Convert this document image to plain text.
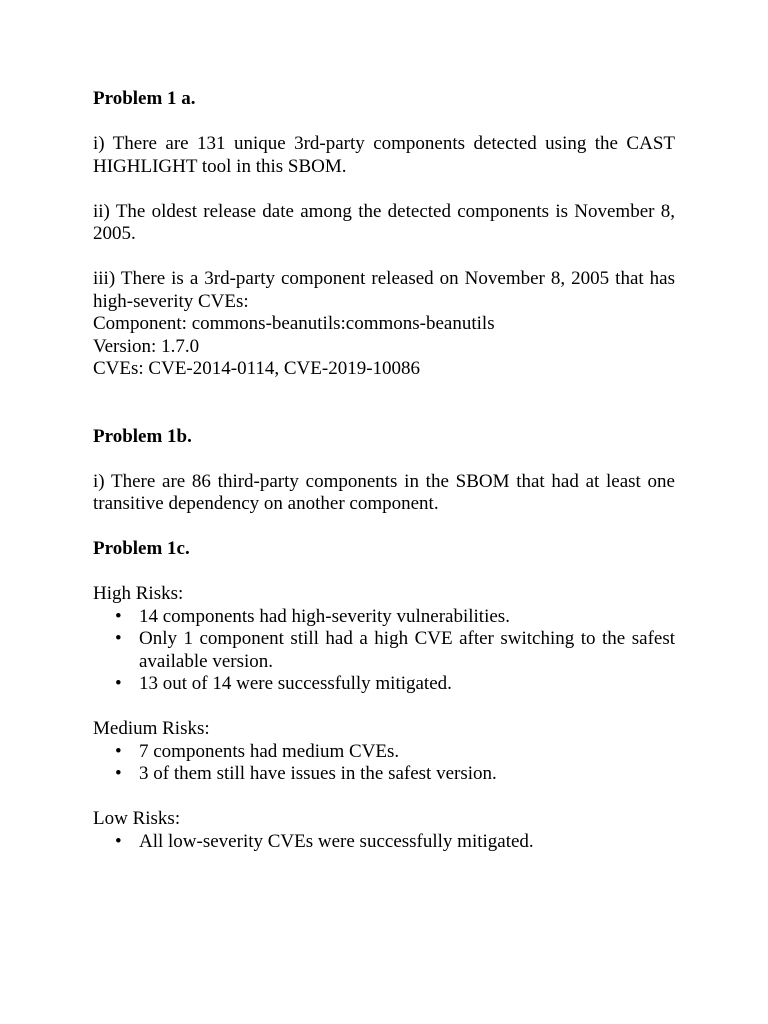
Problem 1 a.

i) There are 131 unique 3rd-party components detected using the CAST HIGHLIGHT tool in this SBOM.

ii) The oldest release date among the detected components is November 8, 2005.

iii) There is a 3rd-party component released on November 8, 2005 that has high-severity CVEs:

Component: commons-beanutils:commons-beanutils

Version: 1.7.0

CVEs: CVE-2014-0114, CVE-2019-10086

Problem 1b.

i) There are 86 third-party components in the SBOM that had at least one transitive dependency on another component.

Problem 1c.

High Risks:

• 14 components had high-severity vulnerabilities.
• Only 1 component still had a high CVE after switching to the safest available version.
• 13 out of 14 were successfully mitigated.

Medium Risks:

• 7 components had medium CVEs.
• 3 of them still have issues in the safest version.

Low Risks:

• All low-severity CVEs were successfully mitigated.
